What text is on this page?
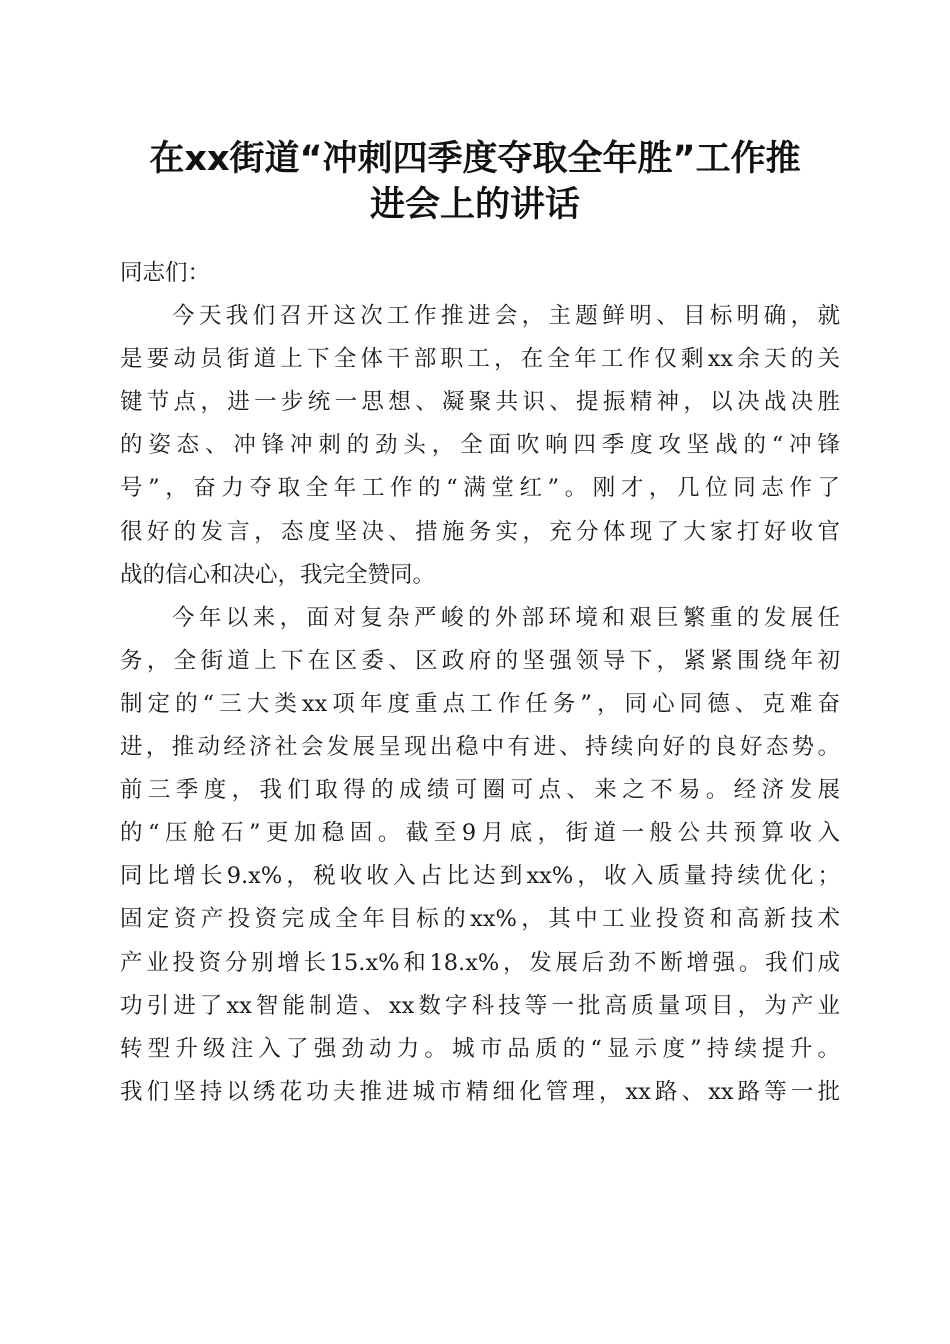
在xx街道“冲刺四季度夺取全年胜”工作推
进会上的讲话
同志们：
今天我们召开这次工作推进会，主题鲜明、目标明确，就
是要动员街道上下全体干部职工，在全年工作仅剩xx余天的关
键节点，进一步统一思想、凝聚共识、提振精神，以决战决胜
的姿态、冲锋冲刺的劲头，全面吹响四季度攻坚战的“冲锋
号”，奋力夺取全年工作的“满堂红”。刚才，几位同志作了
很好的发言，态度坚决、措施务实，充分体现了大家打好收官
战的信心和决心，我完全赞同。
今年以来，面对复杂严峻的外部环境和艰巨繁重的发展任
务，全街道上下在区委、区政府的坚强领导下，紧紧围绕年初
制定的“三大类xx项年度重点工作任务”，同心同德、克难奋
进，推动经济社会发展呈现出稳中有进、持续向好的良好态势。
前三季度，我们取得的成绩可圈可点、来之不易。经济发展
的“压舱石”更加稳固。截至9月底，街道一般公共预算收入
同比增长9.x%，税收收入占比达到xx%，收入质量持续优化；
固定资产投资完成全年目标的xx%，其中工业投资和高新技术
产业投资分别增长15.x%和18.x%，发展后劲不断增强。我们成
功引进了xx智能制造、xx数字科技等一批高质量项目，为产业
转型升级注入了强劲动力。城市品质的“显示度”持续提升。
我们坚持以绣花功夫推进城市精细化管理，xx路、xx路等一批
